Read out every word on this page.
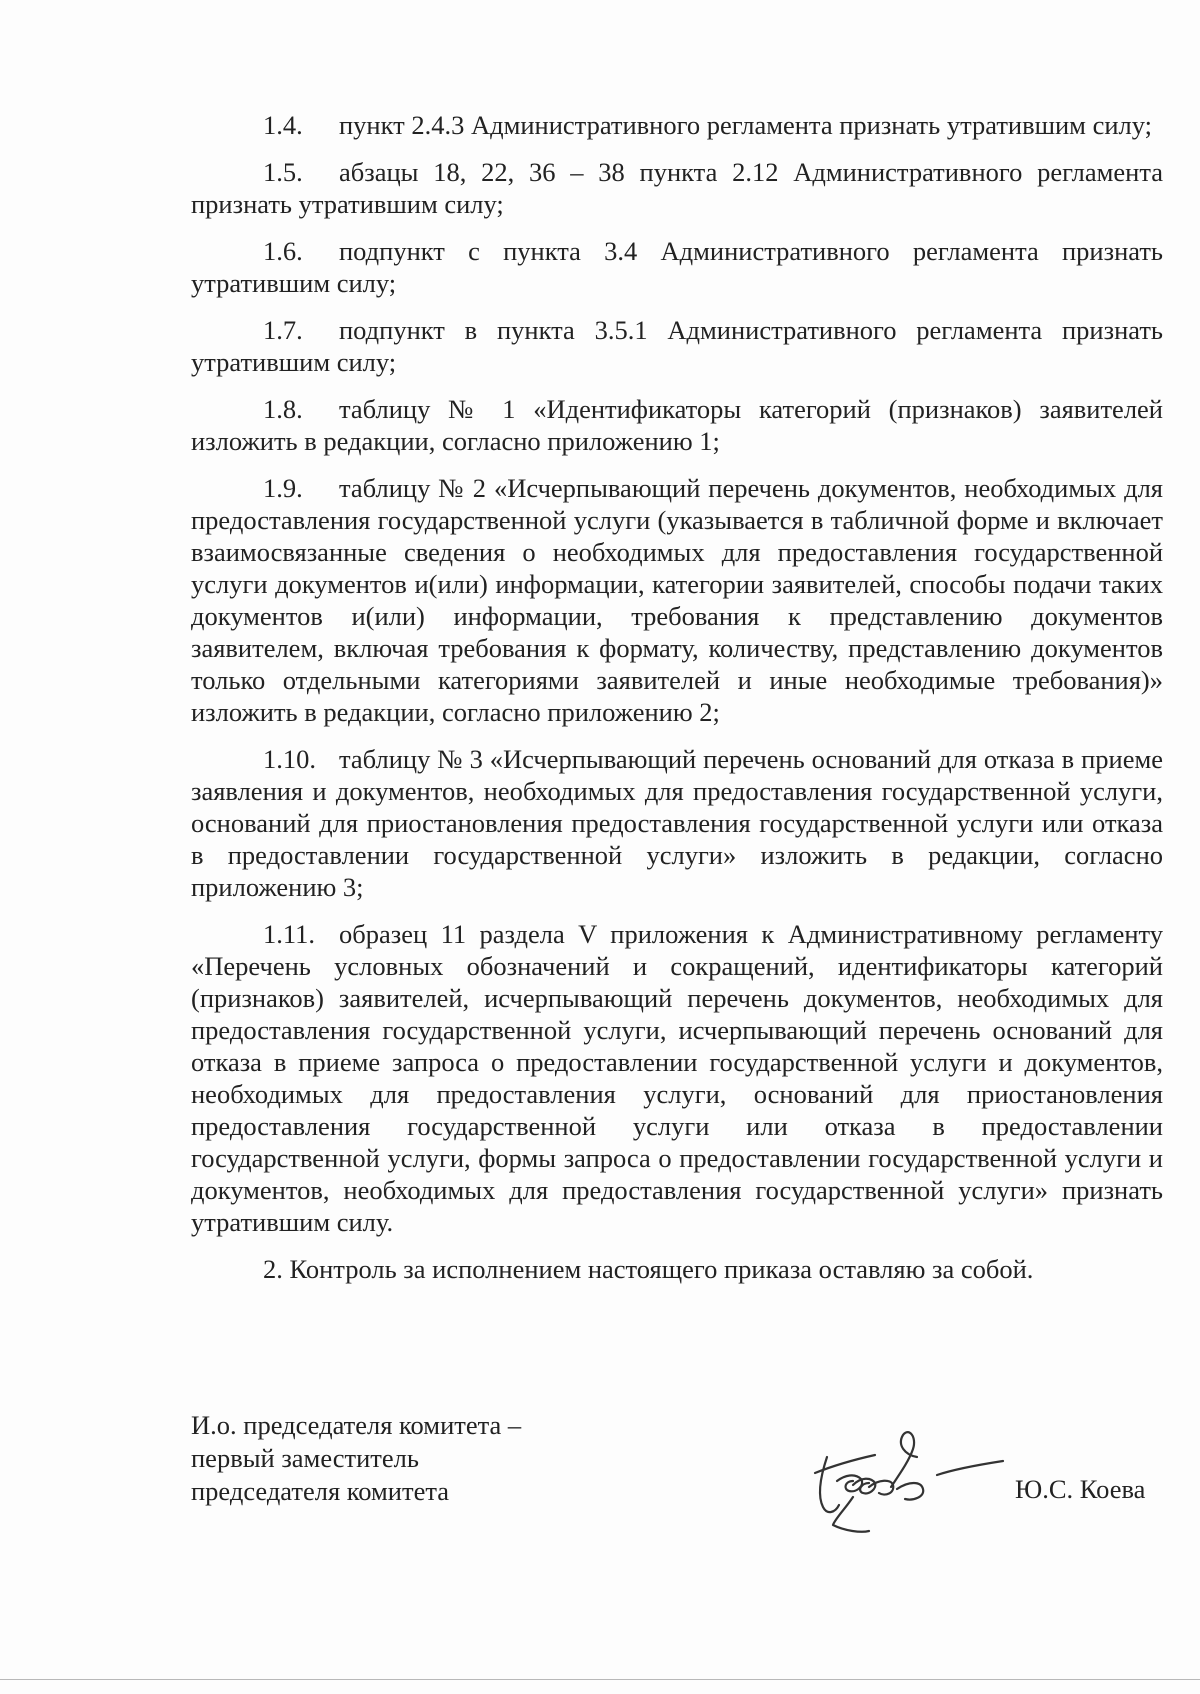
1.4. пункт 2.4.3 Административного регламента признать утратившим силу;

1.5. абзацы 18, 22, 36 – 38 пункта 2.12 Административного регламента признать утратившим силу;

1.6. подпункт с пункта 3.4 Административного регламента признать утратившим силу;

1.7. подпункт в пункта 3.5.1 Административного регламента признать утратившим силу;

1.8. таблицу № 1 «Идентификаторы категорий (признаков) заявителей изложить в редакции, согласно приложению 1;

1.9. таблицу № 2 «Исчерпывающий перечень документов, необходимых для предоставления государственной услуги (указывается в табличной форме и включает взаимосвязанные сведения о необходимых для предоставления государственной услуги документов и(или) информации, категории заявителей, способы подачи таких документов и(или) информации, требования к представлению документов заявителем, включая требования к формату, количеству, представлению документов только отдельными категориями заявителей и иные необходимые требования)» изложить в редакции, согласно приложению 2;

1.10. таблицу № 3 «Исчерпывающий перечень оснований для отказа в приеме заявления и документов, необходимых для предоставления государственной услуги, оснований для приостановления предоставления государственной услуги или отказа в предоставлении государственной услуги» изложить в редакции, согласно приложению 3;

1.11. образец 11 раздела V приложения к Административному регламенту «Перечень условных обозначений и сокращений, идентификаторы категорий (признаков) заявителей, исчерпывающий перечень документов, необходимых для предоставления государственной услуги, исчерпывающий перечень оснований для отказа в приеме запроса о предоставлении государственной услуги и документов, необходимых для предоставления услуги, оснований для приостановления предоставления государственной услуги или отказа в предоставлении государственной услуги, формы запроса о предоставлении государственной услуги и документов, необходимых для предоставления государственной услуги» признать утратившим силу.

2. Контроль за исполнением настоящего приказа оставляю за собой.

И.о. председателя комитета –
первый заместитель
председателя комитета	Ю.С. Коева
